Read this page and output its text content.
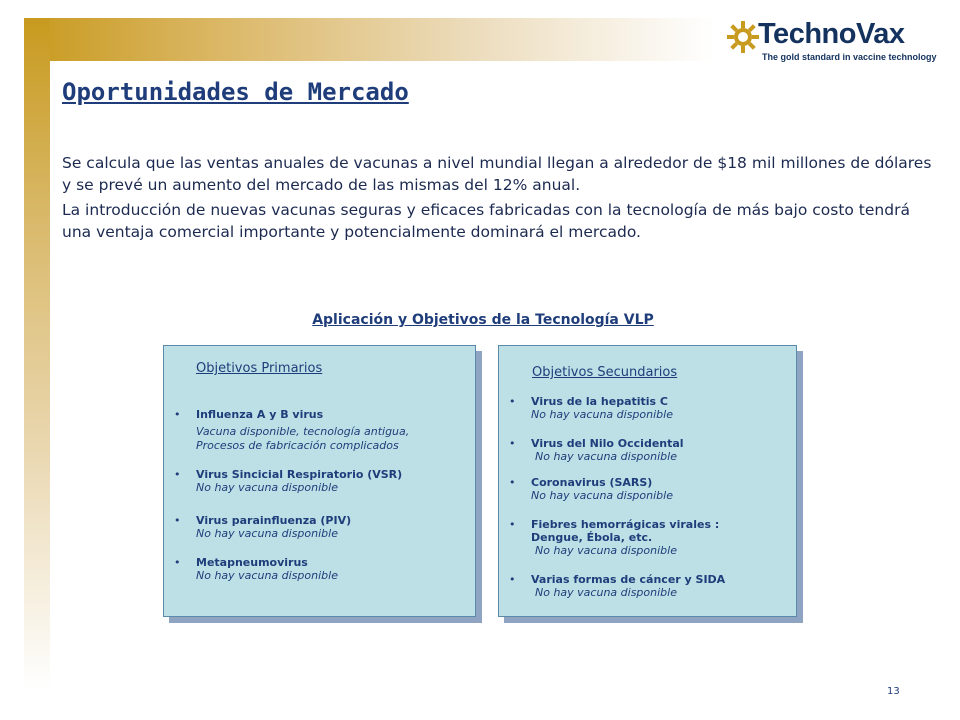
TechnoVax
The gold standard in vaccine technology
Oportunidades de Mercado

Se calcula que las ventas anuales de vacunas a nivel mundial llegan a alrededor de $18 mil millones de dólares y se prevé un aumento del mercado de las mismas del 12% anual.

La introducción de nuevas vacunas seguras y eficaces fabricadas con la tecnología de más bajo costo tendrá una ventaja comercial importante y potencialmente dominará el mercado.

Aplicación y Objetivos de la Tecnología VLP
Objetivos Primarios
• Influenza A y B virus
Vacuna disponible, tecnología antigua,
Procesos de fabricación complicados
• Virus Sincicial Respiratorio (VSR)
No hay vacuna disponible
• Virus parainfluenza (PIV)
No hay vacuna disponible
• Metapneumovirus
No hay vacuna disponible
Objetivos Secundarios
• Virus de la hepatitis C
No hay vacuna disponible
• Virus del Nilo Occidental
No hay vacuna disponible
• Coronavirus (SARS)
No hay vacuna disponible
• Fiebres hemorrágicas virales :
Dengue, Ébola, etc.
No hay vacuna disponible
• Varias formas de cáncer y SIDA
No hay vacuna disponible
13
